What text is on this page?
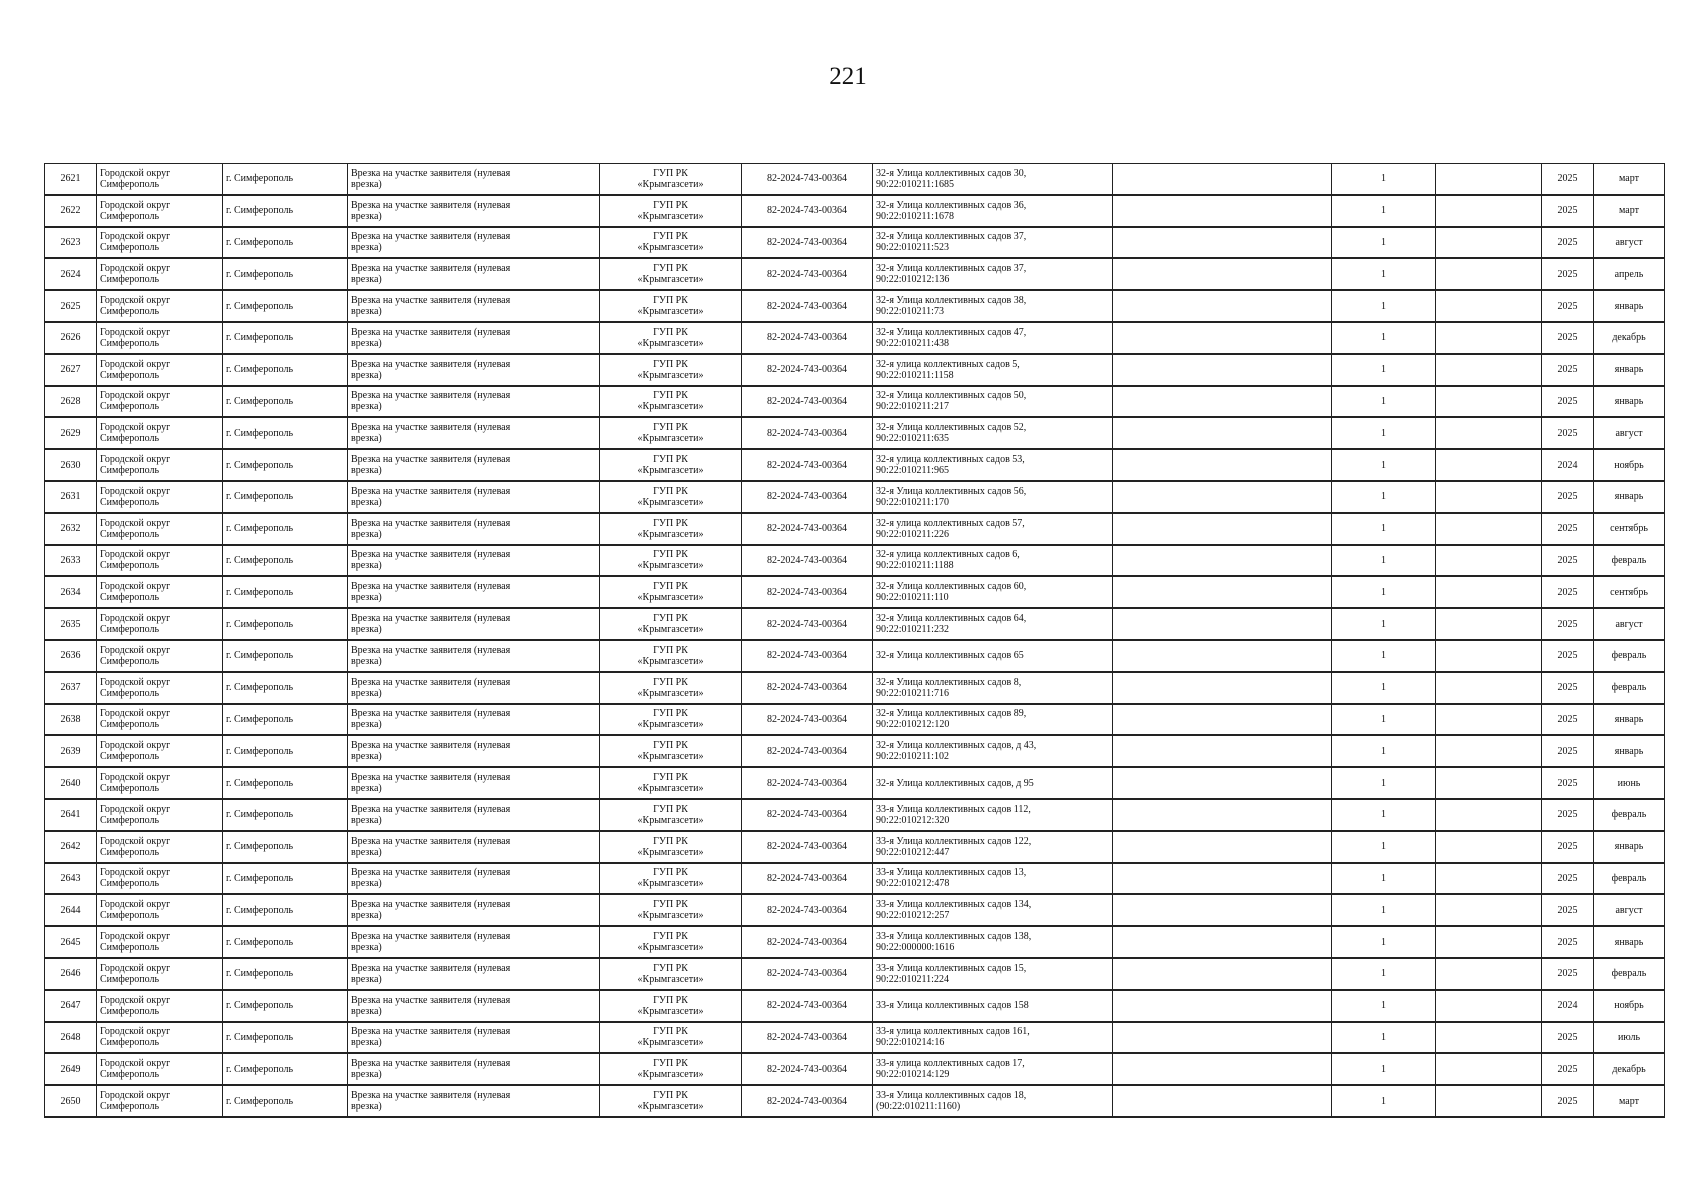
221
2621	Городской округ
Симферополь	г. Симферополь	Врезка на участке заявителя (нулевая
врезка)	ГУП РК
«Крымгазсети»	82-2024-743-00364	32-я Улица коллективных садов 30,
90:22:010211:1685		1		2025	март
2622	Городской округ
Симферополь	г. Симферополь	Врезка на участке заявителя (нулевая
врезка)	ГУП РК
«Крымгазсети»	82-2024-743-00364	32-я Улица коллективных садов 36,
90:22:010211:1678		1		2025	март
2623	Городской округ
Симферополь	г. Симферополь	Врезка на участке заявителя (нулевая
врезка)	ГУП РК
«Крымгазсети»	82-2024-743-00364	32-я Улица коллективных садов 37,
90:22:010211:523		1		2025	август
2624	Городской округ
Симферополь	г. Симферополь	Врезка на участке заявителя (нулевая
врезка)	ГУП РК
«Крымгазсети»	82-2024-743-00364	32-я Улица коллективных садов 37,
90:22:010212:136		1		2025	апрель
2625	Городской округ
Симферополь	г. Симферополь	Врезка на участке заявителя (нулевая
врезка)	ГУП РК
«Крымгазсети»	82-2024-743-00364	32-я Улица коллективных садов 38,
90:22:010211:73		1		2025	январь
2626	Городской округ
Симферополь	г. Симферополь	Врезка на участке заявителя (нулевая
врезка)	ГУП РК
«Крымгазсети»	82-2024-743-00364	32-я Улица коллективных садов 47,
90:22:010211:438		1		2025	декабрь
2627	Городской округ
Симферополь	г. Симферополь	Врезка на участке заявителя (нулевая
врезка)	ГУП РК
«Крымгазсети»	82-2024-743-00364	32-я улица коллективных садов 5,
90:22:010211:1158		1		2025	январь
2628	Городской округ
Симферополь	г. Симферополь	Врезка на участке заявителя (нулевая
врезка)	ГУП РК
«Крымгазсети»	82-2024-743-00364	32-я Улица коллективных садов 50,
90:22:010211:217		1		2025	январь
2629	Городской округ
Симферополь	г. Симферополь	Врезка на участке заявителя (нулевая
врезка)	ГУП РК
«Крымгазсети»	82-2024-743-00364	32-я Улица коллективных садов 52,
90:22:010211:635		1		2025	август
2630	Городской округ
Симферополь	г. Симферополь	Врезка на участке заявителя (нулевая
врезка)	ГУП РК
«Крымгазсети»	82-2024-743-00364	32-я улица коллективных садов 53,
90:22:010211:965		1		2024	ноябрь
2631	Городской округ
Симферополь	г. Симферополь	Врезка на участке заявителя (нулевая
врезка)	ГУП РК
«Крымгазсети»	82-2024-743-00364	32-я Улица коллективных садов 56,
90:22:010211:170		1		2025	январь
2632	Городской округ
Симферополь	г. Симферополь	Врезка на участке заявителя (нулевая
врезка)	ГУП РК
«Крымгазсети»	82-2024-743-00364	32-я улица коллективных садов 57,
90:22:010211:226		1		2025	сентябрь
2633	Городской округ
Симферополь	г. Симферополь	Врезка на участке заявителя (нулевая
врезка)	ГУП РК
«Крымгазсети»	82-2024-743-00364	32-я улица коллективных садов 6,
90:22:010211:1188		1		2025	февраль
2634	Городской округ
Симферополь	г. Симферополь	Врезка на участке заявителя (нулевая
врезка)	ГУП РК
«Крымгазсети»	82-2024-743-00364	32-я Улица коллективных садов 60,
90:22:010211:110		1		2025	сентябрь
2635	Городской округ
Симферополь	г. Симферополь	Врезка на участке заявителя (нулевая
врезка)	ГУП РК
«Крымгазсети»	82-2024-743-00364	32-я Улица коллективных садов 64,
90:22:010211:232		1		2025	август
2636	Городской округ
Симферополь	г. Симферополь	Врезка на участке заявителя (нулевая
врезка)	ГУП РК
«Крымгазсети»	82-2024-743-00364	32-я Улица коллективных садов 65		1		2025	февраль
2637	Городской округ
Симферополь	г. Симферополь	Врезка на участке заявителя (нулевая
врезка)	ГУП РК
«Крымгазсети»	82-2024-743-00364	32-я Улица коллективных садов 8,
90:22:010211:716		1		2025	февраль
2638	Городской округ
Симферополь	г. Симферополь	Врезка на участке заявителя (нулевая
врезка)	ГУП РК
«Крымгазсети»	82-2024-743-00364	32-я Улица коллективных садов 89,
90:22:010212:120		1		2025	январь
2639	Городской округ
Симферополь	г. Симферополь	Врезка на участке заявителя (нулевая
врезка)	ГУП РК
«Крымгазсети»	82-2024-743-00364	32-я Улица коллективных садов, д 43,
90:22:010211:102		1		2025	январь
2640	Городской округ
Симферополь	г. Симферополь	Врезка на участке заявителя (нулевая
врезка)	ГУП РК
«Крымгазсети»	82-2024-743-00364	32-я Улица коллективных садов, д 95		1		2025	июнь
2641	Городской округ
Симферополь	г. Симферополь	Врезка на участке заявителя (нулевая
врезка)	ГУП РК
«Крымгазсети»	82-2024-743-00364	33-я Улица коллективных садов 112,
90:22:010212:320		1		2025	февраль
2642	Городской округ
Симферополь	г. Симферополь	Врезка на участке заявителя (нулевая
врезка)	ГУП РК
«Крымгазсети»	82-2024-743-00364	33-я Улица коллективных садов 122,
90:22:010212:447		1		2025	январь
2643	Городской округ
Симферополь	г. Симферополь	Врезка на участке заявителя (нулевая
врезка)	ГУП РК
«Крымгазсети»	82-2024-743-00364	33-я Улица коллективных садов 13,
90:22:010212:478		1		2025	февраль
2644	Городской округ
Симферополь	г. Симферополь	Врезка на участке заявителя (нулевая
врезка)	ГУП РК
«Крымгазсети»	82-2024-743-00364	33-я Улица коллективных садов 134,
90:22:010212:257		1		2025	август
2645	Городской округ
Симферополь	г. Симферополь	Врезка на участке заявителя (нулевая
врезка)	ГУП РК
«Крымгазсети»	82-2024-743-00364	33-я Улица коллективных садов 138,
90:22:000000:1616		1		2025	январь
2646	Городской округ
Симферополь	г. Симферополь	Врезка на участке заявителя (нулевая
врезка)	ГУП РК
«Крымгазсети»	82-2024-743-00364	33-я Улица коллективных садов 15,
90:22:010211:224		1		2025	февраль
2647	Городской округ
Симферополь	г. Симферополь	Врезка на участке заявителя (нулевая
врезка)	ГУП РК
«Крымгазсети»	82-2024-743-00364	33-я Улица коллективных садов 158		1		2024	ноябрь
2648	Городской округ
Симферополь	г. Симферополь	Врезка на участке заявителя (нулевая
врезка)	ГУП РК
«Крымгазсети»	82-2024-743-00364	33-я улица коллективных садов 161,
90:22:010214:16		1		2025	июль
2649	Городской округ
Симферополь	г. Симферополь	Врезка на участке заявителя (нулевая
врезка)	ГУП РК
«Крымгазсети»	82-2024-743-00364	33-я улица коллективных садов 17,
90:22:010214:129		1		2025	декабрь
2650	Городской округ
Симферополь	г. Симферополь	Врезка на участке заявителя (нулевая
врезка)	ГУП РК
«Крымгазсети»	82-2024-743-00364	33-я Улица коллективных садов 18,
(90:22:010211:1160)		1		2025	март
